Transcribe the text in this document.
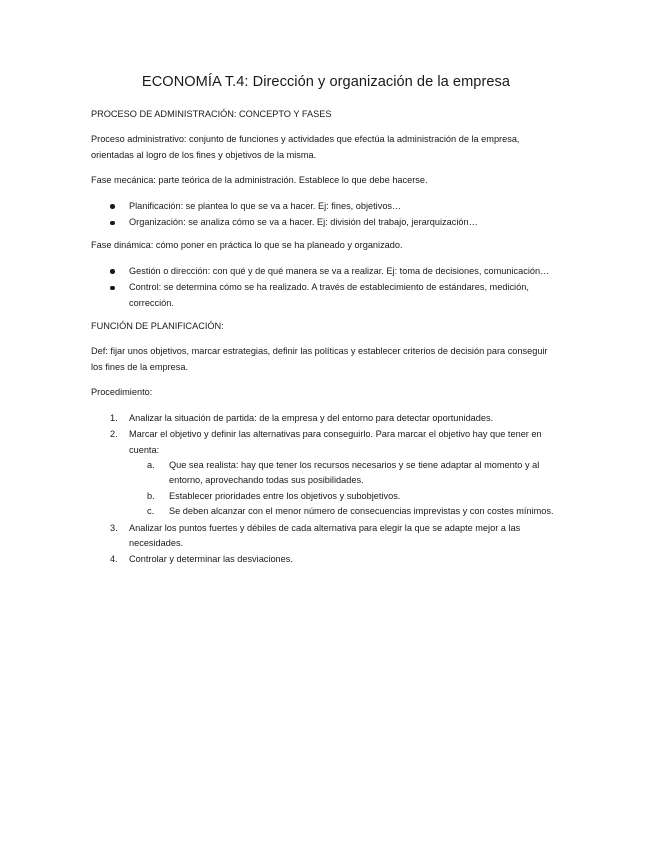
ECONOMÍA T.4: Dirección y organización de la empresa

PROCESO DE ADMINISTRACIÓN: CONCEPTO Y FASES

Proceso administrativo: conjunto de funciones y actividades que efectúa la administración de la empresa, orientadas al logro de los fines y objetivos de la misma.

Fase mecánica: parte teórica de la administración. Establece lo que debe hacerse.

Planificación: se plantea lo que se va a hacer. Ej: fines, objetivos…
Organización: se analiza cómo se va a hacer. Ej: división del trabajo, jerarquización…

Fase dinámica: cómo poner en práctica lo que se ha planeado y organizado.

Gestión o dirección: con qué y de qué manera se va a realizar. Ej: toma de decisiones, comunicación…
Control: se determina cómo se ha realizado. A través de establecimiento de estándares, medición, corrección.

FUNCIÓN DE PLANIFICACIÓN:

Def: fijar unos objetivos, marcar estrategias, definir las políticas y establecer criterios de decisión para conseguir los fines de la empresa.

Procedimiento:

1. Analizar la situación de partida: de la empresa y del entorno para detectar oportunidades.
2. Marcar el objetivo y definir las alternativas para conseguirlo. Para marcar el objetivo hay que tener en cuenta:
a. Que sea realista: hay que tener los recursos necesarios y se tiene adaptar al momento y al entorno, aprovechando todas sus posibilidades.
b. Establecer prioridades entre los objetivos y subobjetivos.
c. Se deben alcanzar con el menor número de consecuencias imprevistas y con costes mínimos.
3. Analizar los puntos fuertes y débiles de cada alternativa para elegir la que se adapte mejor a las necesidades.
4. Controlar y determinar las desviaciones.
